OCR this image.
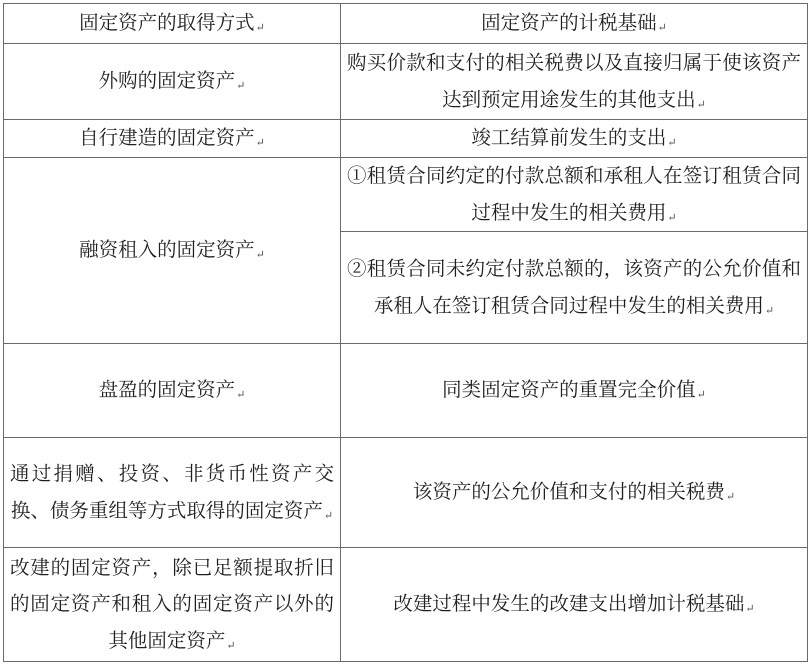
固定资产的取得方式↵	固定资产的计税基础↵
外购的固定资产↵	购买价款和支付的相关税费以及直接归属于使该资产达到预定用途发生的其他支出↵
自行建造的固定资产↵	竣工结算前发生的支出↵
融资租入的固定资产↵	①租赁合同约定的付款总额和承租人在签订租赁合同过程中发生的相关费用↵
	②租赁合同未约定付款总额的，该资产的公允价值和承租人在签订租赁合同过程中发生的相关费用↵
盘盈的固定资产↵	同类固定资产的重置完全价值↵
通过捐赠、投资、非货币性资产交换、债务重组等方式取得的固定资产↵	该资产的公允价值和支付的相关税费↵
改建的固定资产，除已足额提取折旧的固定资产和租入的固定资产以外的其他固定资产↵	改建过程中发生的改建支出增加计税基础↵
